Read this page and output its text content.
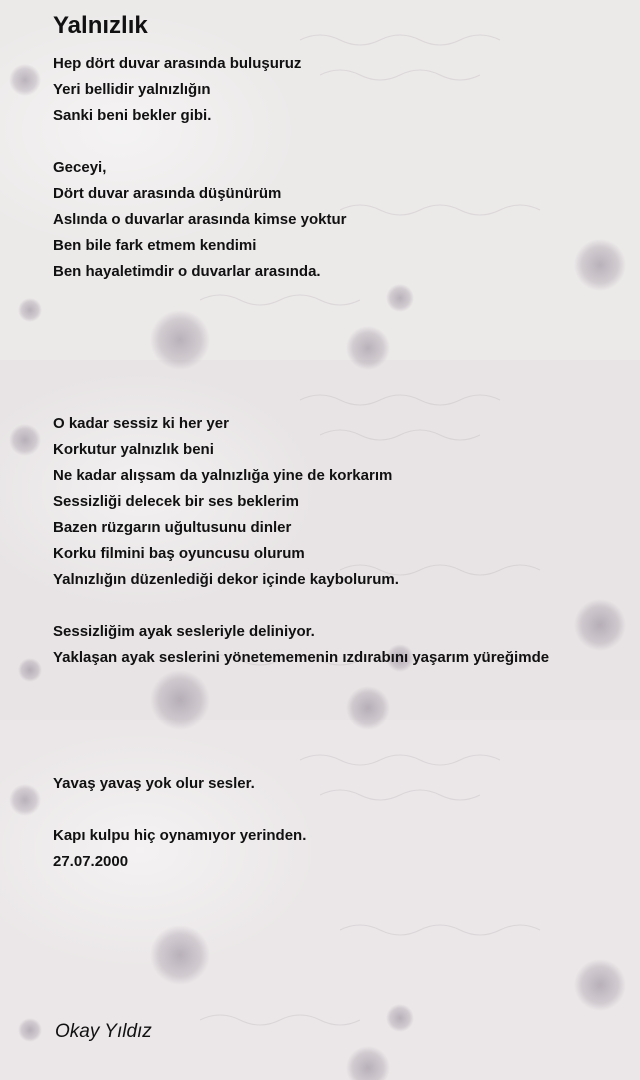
Yalnızlık
Hep dört duvar arasında buluşuruz
Yeri bellidir yalnızlığın
Sanki beni bekler gibi.
Geceyi,
Dört duvar arasında düşünürüm
Aslında o duvarlar arasında kimse yoktur
Ben bile fark etmem kendimi
Ben hayaletimdir o duvarlar arasında.
O kadar sessiz ki her yer
Korkutur yalnızlık beni
Ne kadar alışsam da yalnızlığa yine de korkarım
Sessizliği delecek bir ses beklerim
Bazen rüzgarın uğultusunu dinler
Korku filmini baş oyuncusu olurum
Yalnızlığın düzenlediği dekor içinde kaybolurum.
Sessizliğim ayak sesleriyle deliniyor.
Yaklaşan ayak seslerini yönetememenin ızdırabını yaşarım yüreğimde
Yavaş yavaş yok olur sesler.
Kapı kulpu hiç oynamıyor yerinden.
27.07.2000
Okay Yıldız
